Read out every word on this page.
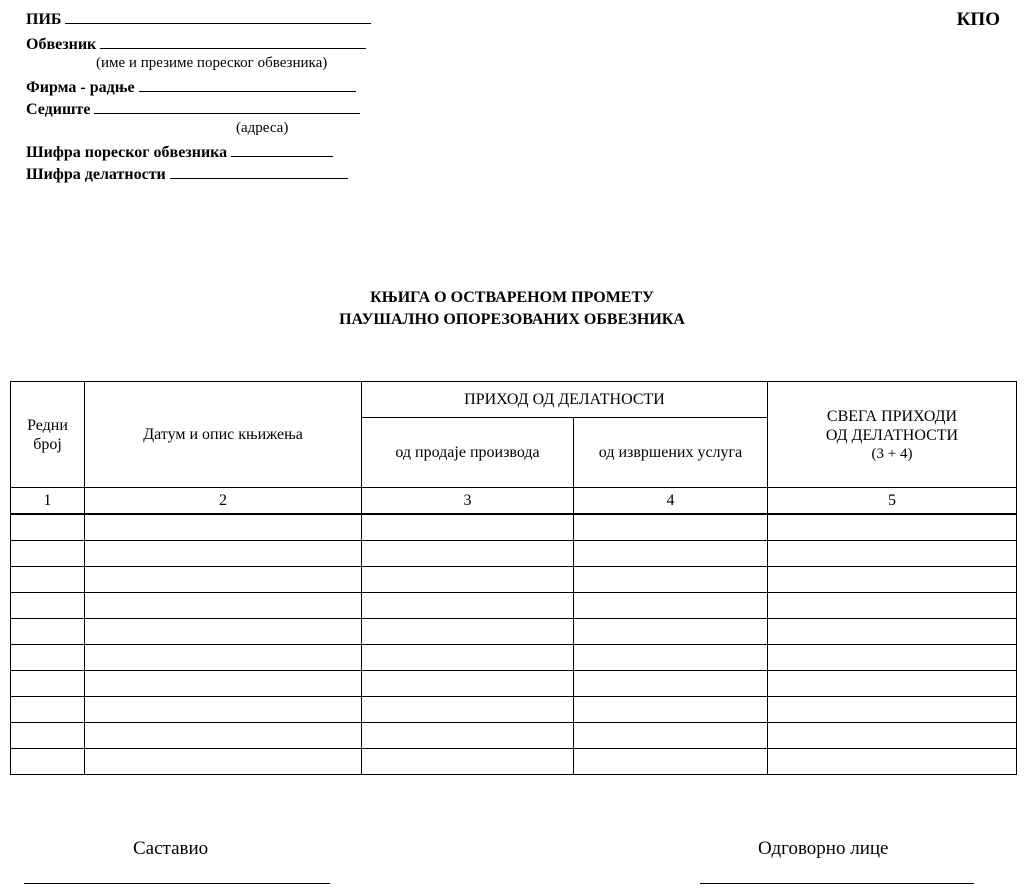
ПИБ	КПО
Обвезник
(име и презиме пореског обвезника)
Фирма - радње
Седиште
(адреса)
Шифра пореског обвезника
Шифра делатности
КЊИГА О ОСТВАРЕНОМ ПРОМЕТУ
ПАУШАЛНО ОПОРЕЗОВАНИХ ОБВЕЗНИКА
Редни број	Датум и опис књижења	ПРИХОД ОД ДЕЛАТНОСТИ		СВЕГА ПРИХОДИ ОД ДЕЛАТНОСТИ
(3 + 4)

		од продаје производа	од извршених услуга	
1	2	3	4	5

Саставио	Одговорно лице
